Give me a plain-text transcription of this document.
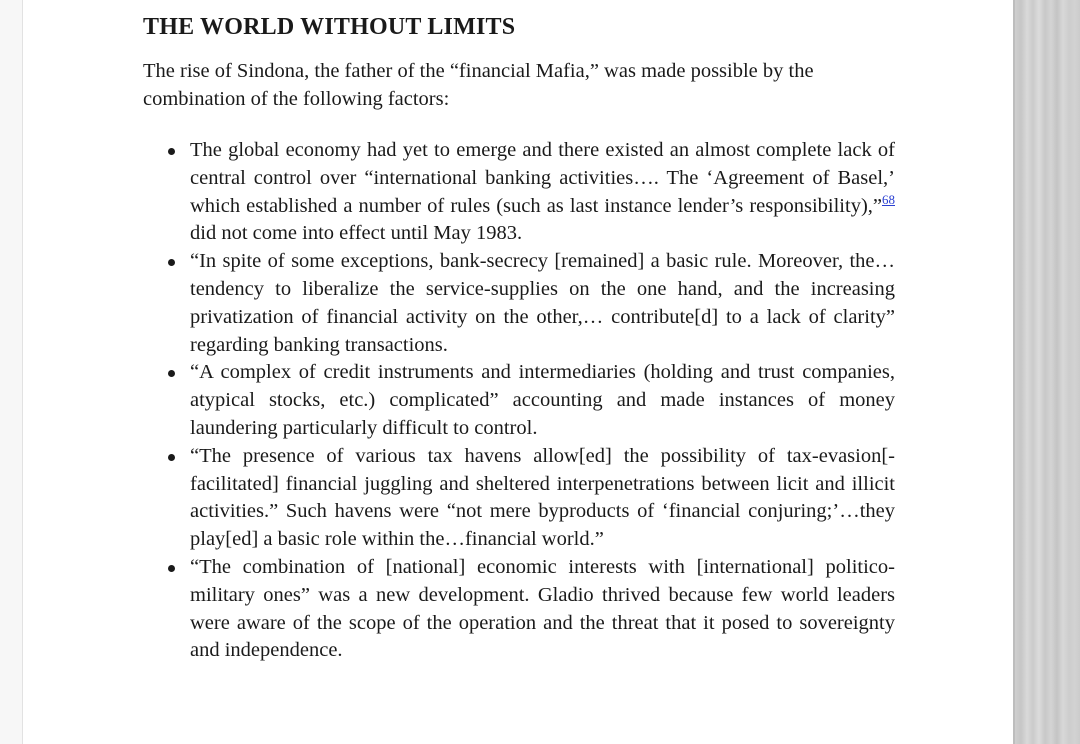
THE WORLD WITHOUT LIMITS

The rise of Sindona, the father of the “financial Mafia,” was made possible by the combination of the following factors:

The global economy had yet to emerge and there existed an almost complete lack of central control over “international banking activities…. The ‘Agreement of Basel,’ which established a number of rules (such as last instance lender’s responsibility),”$^{68}$ did not come into effect until May 1983.
“In spite of some exceptions, bank-secrecy [remained] a basic rule. Moreover, the…tendency to liberalize the service-supplies on the one hand, and the increasing privatization of financial activity on the other,… contribute[d] to a lack of clarity” regarding banking transactions.
“A complex of credit instruments and intermediaries (holding and trust companies, atypical stocks, etc.) complicated” accounting and made instances of money laundering particularly difficult to control.
“The presence of various tax havens allow[ed] the possibility of tax-evasion[-facilitated] financial juggling and sheltered interpenetrations between licit and illicit activities.” Such havens were “not mere byproducts of ‘financial conjuring;’…they play[ed] a basic role within the…financial world.”
“The combination of [national] economic interests with [international] politico-military ones” was a new development. Gladio thrived because few world leaders were aware of the scope of the operation and the threat that it posed to sovereignty and independence.
